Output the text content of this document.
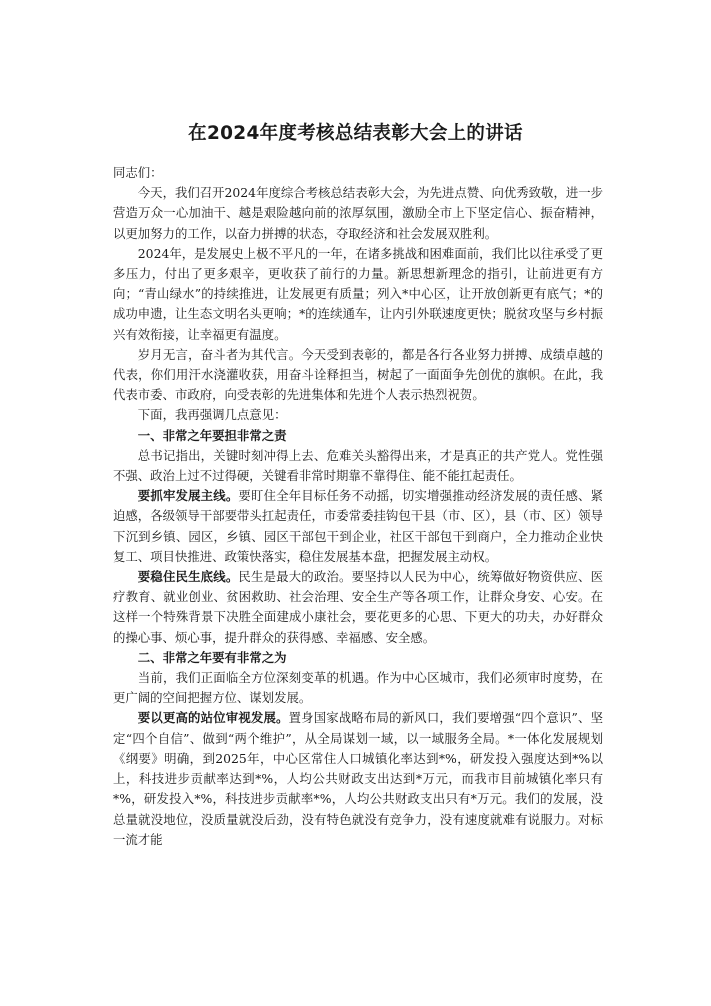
在2024年度考核总结表彰大会上的讲话

同志们：

今天，我们召开2024年度综合考核总结表彰大会，为先进点赞、向优秀致敬，进一步营造万众一心加油干、越是艰险越向前的浓厚氛围，激励全市上下坚定信心、振奋精神，以更加努力的工作，以奋力拼搏的状态，夺取经济和社会发展双胜利。

2024年，是发展史上极不平凡的一年，在诸多挑战和困难面前，我们比以往承受了更多压力，付出了更多艰辛，更收获了前行的力量。新思想新理念的指引，让前进更有方向；“青山绿水”的持续推进，让发展更有质量；列入*中心区，让开放创新更有底气；*的成功申遗，让生态文明名头更响；*的连续通车，让内引外联速度更快；脱贫攻坚与乡村振兴有效衔接，让幸福更有温度。

岁月无言，奋斗者为其代言。今天受到表彰的，都是各行各业努力拼搏、成绩卓越的代表，你们用汗水浇灌收获，用奋斗诠释担当，树起了一面面争先创优的旗帜。在此，我代表市委、市政府，向受表彰的先进集体和先进个人表示热烈祝贺。

下面，我再强调几点意见：

一、非常之年要担非常之责

总书记指出，关键时刻冲得上去、危难关头豁得出来，才是真正的共产党人。党性强不强、政治上过不过得硬，关键看非常时期靠不靠得住、能不能扛起责任。

要抓牢发展主线。要盯住全年目标任务不动摇，切实增强推动经济发展的责任感、紧迫感，各级领导干部要带头扛起责任，市委常委挂钩包干县（市、区），县（市、区）领导下沉到乡镇、园区，乡镇、园区干部包干到企业，社区干部包干到商户，全力推动企业快复工、项目快推进、政策快落实，稳住发展基本盘，把握发展主动权。

要稳住民生底线。民生是最大的政治。要坚持以人民为中心，统筹做好物资供应、医疗教育、就业创业、贫困救助、社会治理、安全生产等各项工作，让群众身安、心安。在这样一个特殊背景下决胜全面建成小康社会，要花更多的心思、下更大的功夫，办好群众的操心事、烦心事，提升群众的获得感、幸福感、安全感。

二、非常之年要有非常之为

当前，我们正面临全方位深刻变革的机遇。作为中心区城市，我们必须审时度势，在更广阔的空间把握方位、谋划发展。

要以更高的站位审视发展。置身国家战略布局的新风口，我们要增强“四个意识”、坚定“四个自信”、做到“两个维护”，从全局谋划一域，以一域服务全局。*一体化发展规划《纲要》明确，到2025年，中心区常住人口城镇化率达到*%，研发投入强度达到*%以上，科技进步贡献率达到*%，人均公共财政支出达到*万元，而我市目前城镇化率只有*%，研发投入*%，科技进步贡献率*%，人均公共财政支出只有*万元。我们的发展，没总量就没地位，没质量就没后劲，没有特色就没有竞争力，没有速度就难有说服力。对标一流才能
